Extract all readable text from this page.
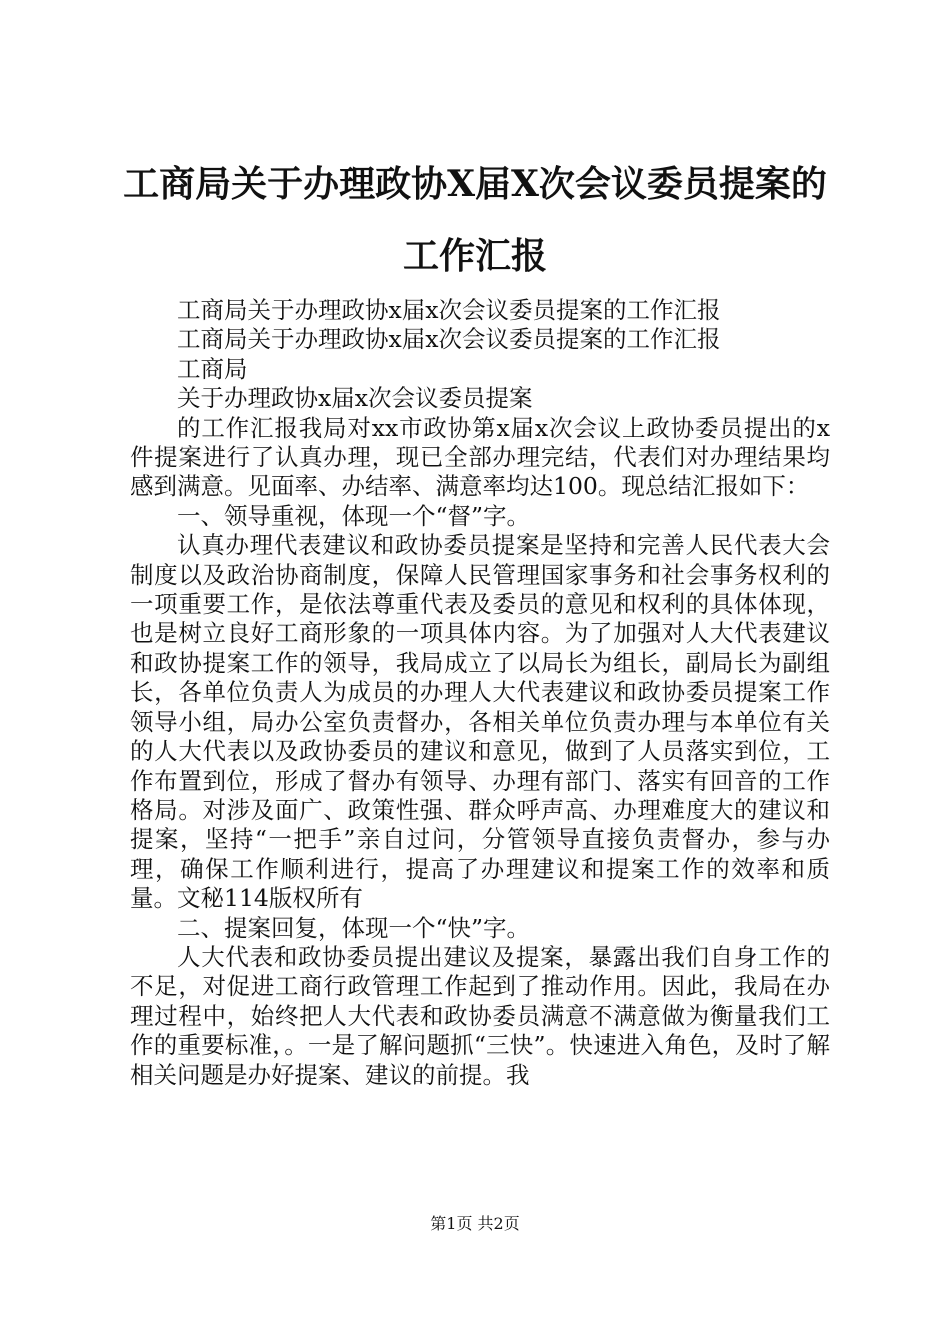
工商局关于办理政协X届X次会议委员提案的工作汇报

工商局关于办理政协x届x次会议委员提案的工作汇报

工商局关于办理政协x届x次会议委员提案的工作汇报

工商局

关于办理政协x届x次会议委员提案

的工作汇报我局对xx市政协第x届x次会议上政协委员提出的x件提案进行了认真办理，现已全部办理完结，代表们对办理结果均感到满意。见面率、办结率、满意率均达100。现总结汇报如下：

一、领导重视，体现一个“督”字。

认真办理代表建议和政协委员提案是坚持和完善人民代表大会制度以及政治协商制度，保障人民管理国家事务和社会事务权利的一项重要工作，是依法尊重代表及委员的意见和权利的具体体现，也是树立良好工商形象的一项具体内容。为了加强对人大代表建议和政协提案工作的领导，我局成立了以局长为组长，副局长为副组长，各单位负责人为成员的办理人大代表建议和政协委员提案工作领导小组，局办公室负责督办，各相关单位负责办理与本单位有关的人大代表以及政协委员的建议和意见，做到了人员落实到位，工作布置到位，形成了督办有领导、办理有部门、落实有回音的工作格局。对涉及面广、政策性强、群众呼声高、办理难度大的建议和提案，坚持“一把手”亲自过问，分管领导直接负责督办，参与办理，确保工作顺利进行，提高了办理建议和提案工作的效率和质量。文秘114版权所有

二、提案回复，体现一个“快”字。

人大代表和政协委员提出建议及提案，暴露出我们自身工作的不足，对促进工商行政管理工作起到了推动作用。因此，我局在办理过程中，始终把人大代表和政协委员满意不满意做为衡量我们工作的重要标准，。一是了解问题抓“三快”。快速进入角色，及时了解相关问题是办好提案、建议的前提。我

第1页 共2页
